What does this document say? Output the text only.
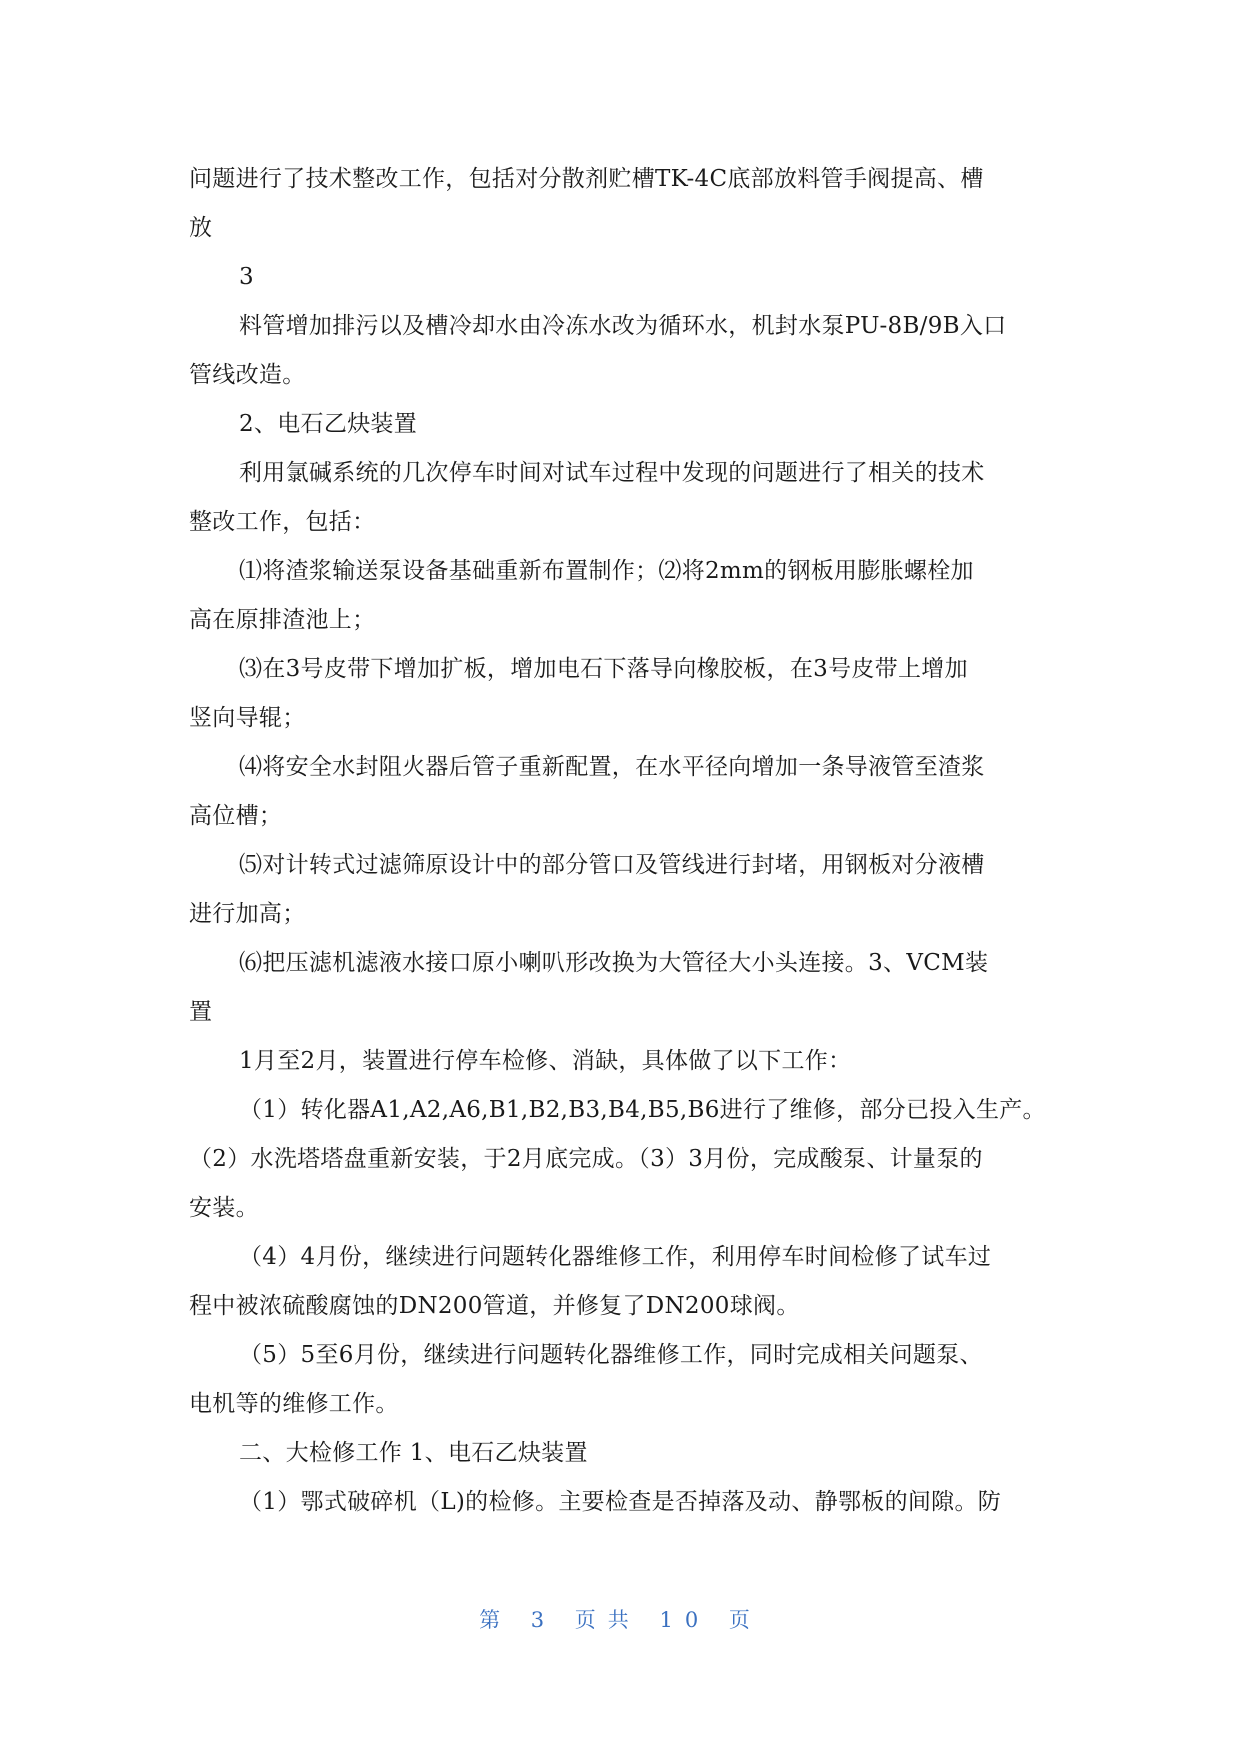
问题进行了技术整改工作，包括对分散剂贮槽TK-4C底部放料管手阀提高、槽
放
3
料管增加排污以及槽冷却水由冷冻水改为循环水，机封水泵PU-8B/9B入口
管线改造。
2、电石乙炔装置
利用氯碱系统的几次停车时间对试车过程中发现的问题进行了相关的技术
整改工作，包括：
⑴将渣浆输送泵设备基础重新布置制作；⑵将2mm的钢板用膨胀螺栓加
高在原排渣池上；
⑶在3号皮带下增加扩板，增加电石下落导向橡胶板，在3号皮带上增加
竖向导辊；
⑷将安全水封阻火器后管子重新配置，在水平径向增加一条导液管至渣浆
高位槽；
⑸对计转式过滤筛原设计中的部分管口及管线进行封堵，用钢板对分液槽
进行加高；
⑹把压滤机滤液水接口原小喇叭形改换为大管径大小头连接。3、VCM装
置
1月至2月，装置进行停车检修、消缺，具体做了以下工作：
（1）转化器A1,A2,A6,B1,B2,B3,B4,B5,B6进行了维修，部分已投入生产。
（2）水洗塔塔盘重新安装，于2月底完成。（3）3月份，完成酸泵、计量泵的
安装。
（4）4月份，继续进行问题转化器维修工作，利用停车时间检修了试车过
程中被浓硫酸腐蚀的DN200管道，并修复了DN200球阀。
（5）5至6月份，继续进行问题转化器维修工作，同时完成相关问题泵、
电机等的维修工作。
二、大检修工作 1、电石乙炔装置
（1）鄂式破碎机（L)的检修。主要检查是否掉落及动、静鄂板的间隙。防
第 3 页共 10 页
